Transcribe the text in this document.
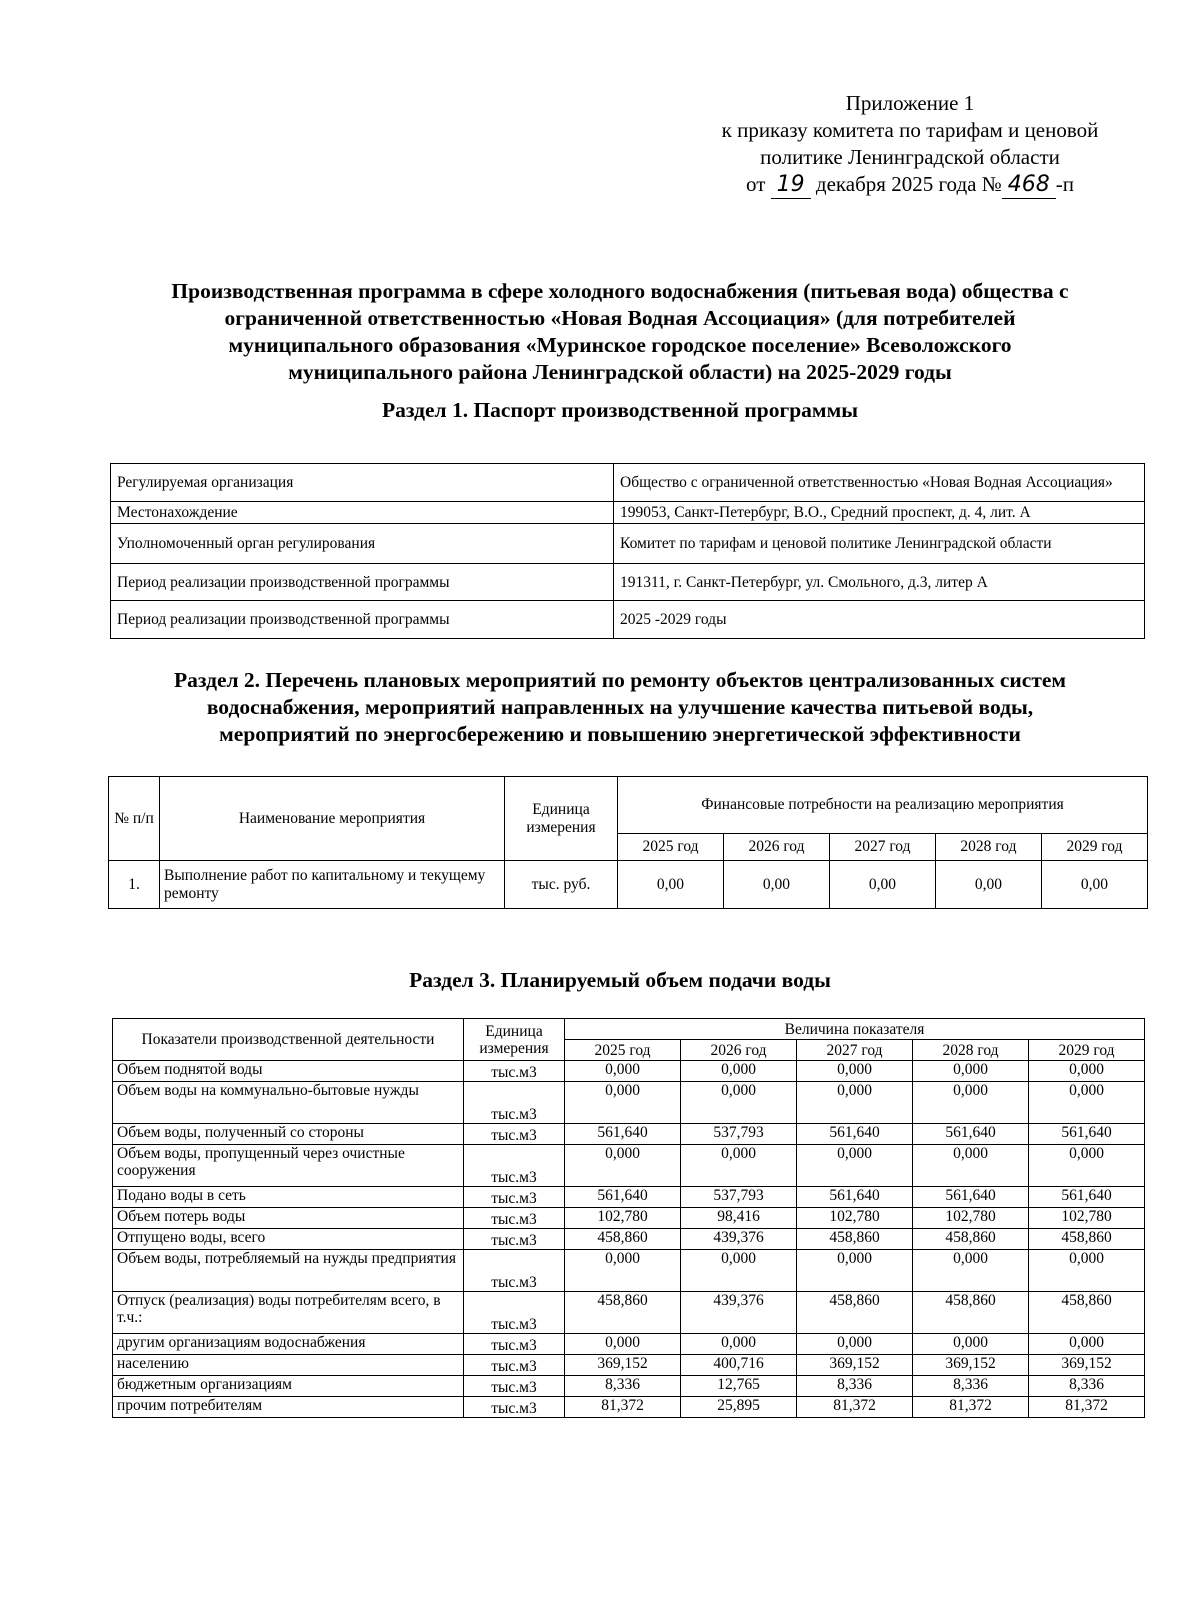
Приложение 1
к приказу комитета по тарифам и ценовой
политике Ленинградской области
от 19 декабря 2025 года № 468 -п
Производственная программа в сфере холодного водоснабжения (питьевая вода) общества с
ограниченной ответственностью «Новая Водная Ассоциация» (для потребителей
муниципального образования «Муринское городское поселение» Всеволожского
муниципального района Ленинградской области) на 2025-2029 годы
Раздел 1. Паспорт производственной программы
Регулируемая организация	Общество с ограниченной ответственностью «Новая Водная Ассоциация»
Местонахождение	199053, Санкт-Петербург, В.О., Средний проспект, д. 4, лит. А
Уполномоченный орган регулирования	Комитет по тарифам и ценовой политике Ленинградской области
Период реализации производственной программы	191311, г. Санкт-Петербург, ул. Смольного, д.3, литер А
Период реализации производственной программы	2025 -2029 годы
Раздел 2. Перечень плановых мероприятий по ремонту объектов централизованных систем
водоснабжения, мероприятий направленных на улучшение качества питьевой воды,
мероприятий по энергосбережению и повышению энергетической эффективности
№ п/п	Наименование мероприятия	Единица измерения	Финансовые потребности на реализацию мероприятия				
			2025 год	2026 год	2027 год	2028 год	2029 год
1.	Выполнение работ по капитальному и текущему ремонту	тыс. руб.	0,00	0,00	0,00	0,00	0,00
Раздел 3. Планируемый объем подачи воды
Показатели производственной деятельности	Единица измерения	Величина показателя				
		2025 год	2026 год	2027 год	2028 год	2029 год
Объем поднятой воды	тыс.м3	0,000	0,000	0,000	0,000	0,000
Объем воды на коммунально-бытовые нужды	тыс.м3	0,000	0,000	0,000	0,000	0,000
Объем воды, полученный со стороны	тыс.м3	561,640	537,793	561,640	561,640	561,640
Объем воды, пропущенный через очистные сооружения	тыс.м3	0,000	0,000	0,000	0,000	0,000
Подано воды в сеть	тыс.м3	561,640	537,793	561,640	561,640	561,640
Объем потерь воды	тыс.м3	102,780	98,416	102,780	102,780	102,780
Отпущено воды, всего	тыс.м3	458,860	439,376	458,860	458,860	458,860
Объем воды, потребляемый на нужды предприятия	тыс.м3	0,000	0,000	0,000	0,000	0,000
Отпуск (реализация) воды потребителям всего, в т.ч.:	тыс.м3	458,860	439,376	458,860	458,860	458,860
другим организациям водоснабжения	тыс.м3	0,000	0,000	0,000	0,000	0,000
населению	тыс.м3	369,152	400,716	369,152	369,152	369,152
бюджетным организациям	тыс.м3	8,336	12,765	8,336	8,336	8,336
прочим потребителям	тыс.м3	81,372	25,895	81,372	81,372	81,372
